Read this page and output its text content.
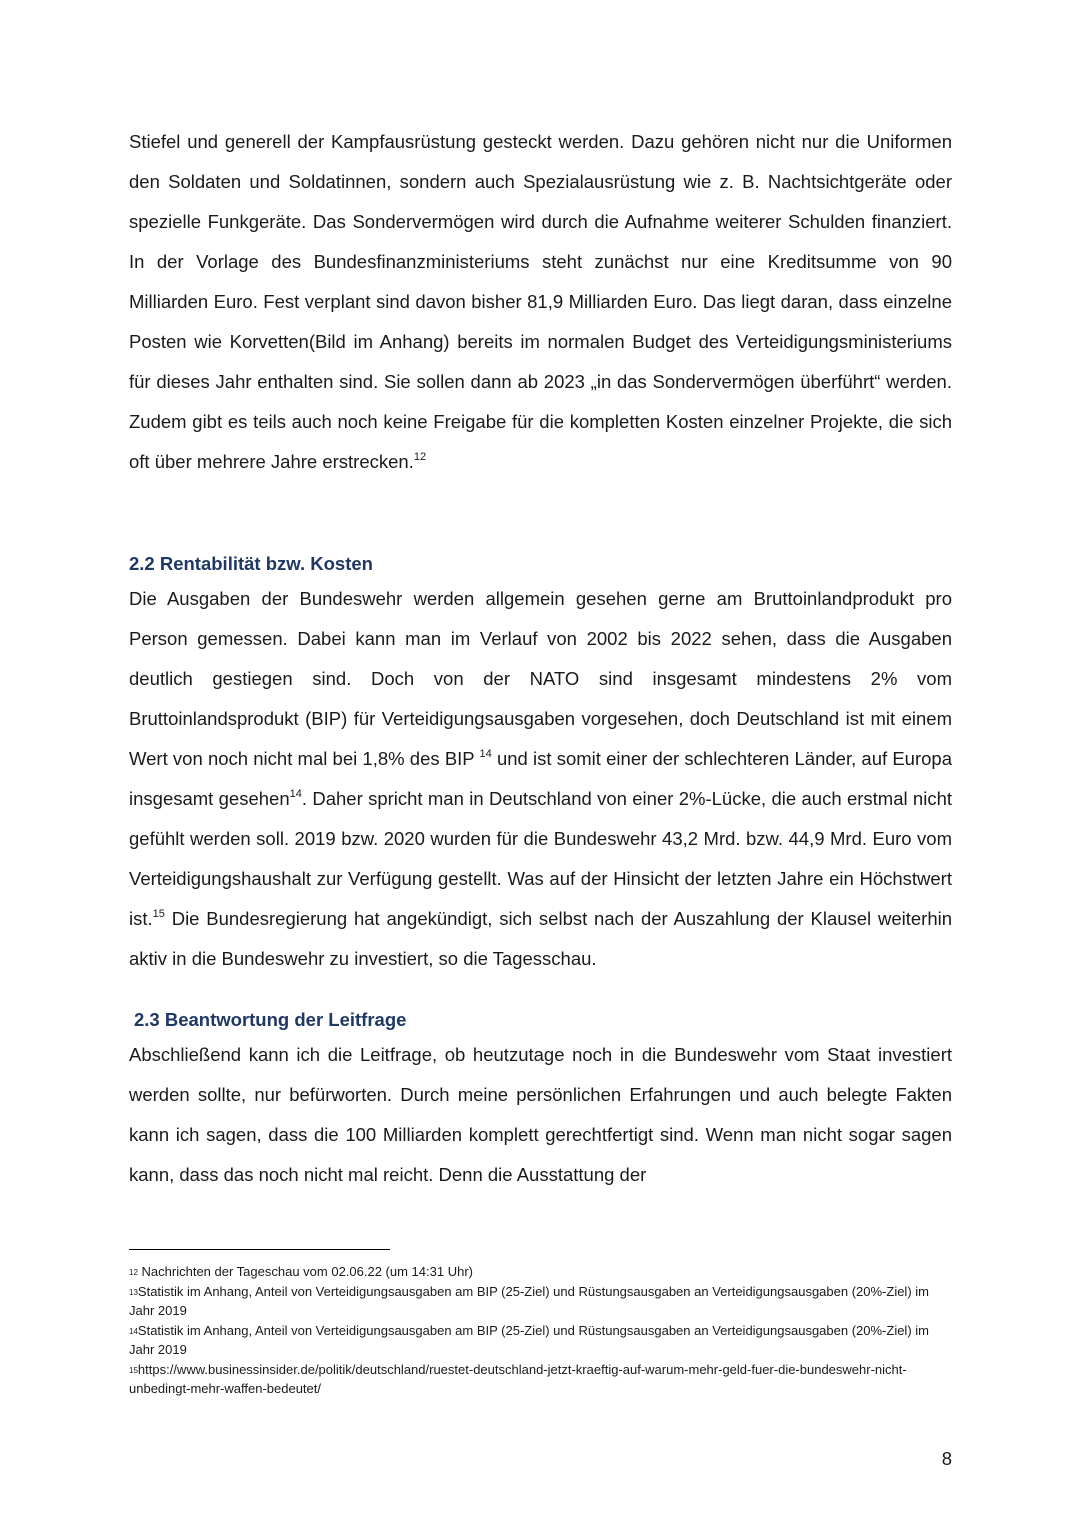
Stiefel und generell der Kampfausrüstung gesteckt werden. Dazu gehören nicht nur die Uniformen den Soldaten und Soldatinnen, sondern auch Spezialausrüstung wie z. B. Nachtsichtgeräte oder spezielle Funkgeräte. Das Sondervermögen wird durch die Aufnahme weiterer Schulden finanziert. In der Vorlage des Bundesfinanzministeriums steht zunächst nur eine Kreditsumme von 90 Milliarden Euro. Fest verplant sind davon bisher 81,9 Milliarden Euro. Das liegt daran, dass einzelne Posten wie Korvetten(Bild im Anhang) bereits im normalen Budget des Verteidigungsministeriums für dieses Jahr enthalten sind. Sie sollen dann ab 2023 „in das Sondervermögen überführt“ werden. Zudem gibt es teils auch noch keine Freigabe für die kompletten Kosten einzelner Projekte, die sich oft über mehrere Jahre erstrecken.$^{12}$

2.2 Rentabilität bzw. Kosten

Die Ausgaben der Bundeswehr werden allgemein gesehen gerne am Bruttoinlandprodukt pro Person gemessen. Dabei kann man im Verlauf von 2002 bis 2022 sehen, dass die Ausgaben deutlich gestiegen sind. Doch von der NATO sind insgesamt mindestens 2% vom Bruttoinlandsprodukt (BIP) für Verteidigungsausgaben vorgesehen, doch Deutschland ist mit einem Wert von noch nicht mal bei 1,8% des BIP $^{14}$ und ist somit einer der schlechteren Länder, auf Europa insgesamt gesehen$^{14}$. Daher spricht man in Deutschland von einer 2%-Lücke, die auch erstmal nicht gefühlt werden soll. 2019 bzw. 2020 wurden für die Bundeswehr 43,2 Mrd. bzw. 44,9 Mrd. Euro vom Verteidigungshaushalt zur Verfügung gestellt. Was auf der Hinsicht der letzten Jahre ein Höchstwert ist.$^{15}$ Die Bundesregierung hat angekündigt, sich selbst nach der Auszahlung der Klausel weiterhin aktiv in die Bundeswehr zu investiert, so die Tagesschau.

2.3 Beantwortung der Leitfrage

Abschließend kann ich die Leitfrage, ob heutzutage noch in die Bundeswehr vom Staat investiert werden sollte, nur befürworten. Durch meine persönlichen Erfahrungen und auch belegte Fakten kann ich sagen, dass die 100 Milliarden komplett gerechtfertigt sind. Wenn man nicht sogar sagen kann, dass das noch nicht mal reicht. Denn die Ausstattung der

$^{12}$ Nachrichten der Tageschau vom 02.06.22 (um 14:31 Uhr)

$^{13}$Statistik im Anhang, Anteil von Verteidigungsausgaben am BIP (25-Ziel) und Rüstungsausgaben an Verteidigungsausgaben (20%-Ziel) im Jahr 2019

$^{14}$Statistik im Anhang, Anteil von Verteidigungsausgaben am BIP (25-Ziel) und Rüstungsausgaben an Verteidigungsausgaben (20%-Ziel) im Jahr 2019

$^{15}$https://www.businessinsider.de/politik/deutschland/ruestet-deutschland-jetzt-kraeftig-auf-warum-mehr-geld-fuer-die-bundeswehr-nicht-unbedingt-mehr-waffen-bedeutet/

8
